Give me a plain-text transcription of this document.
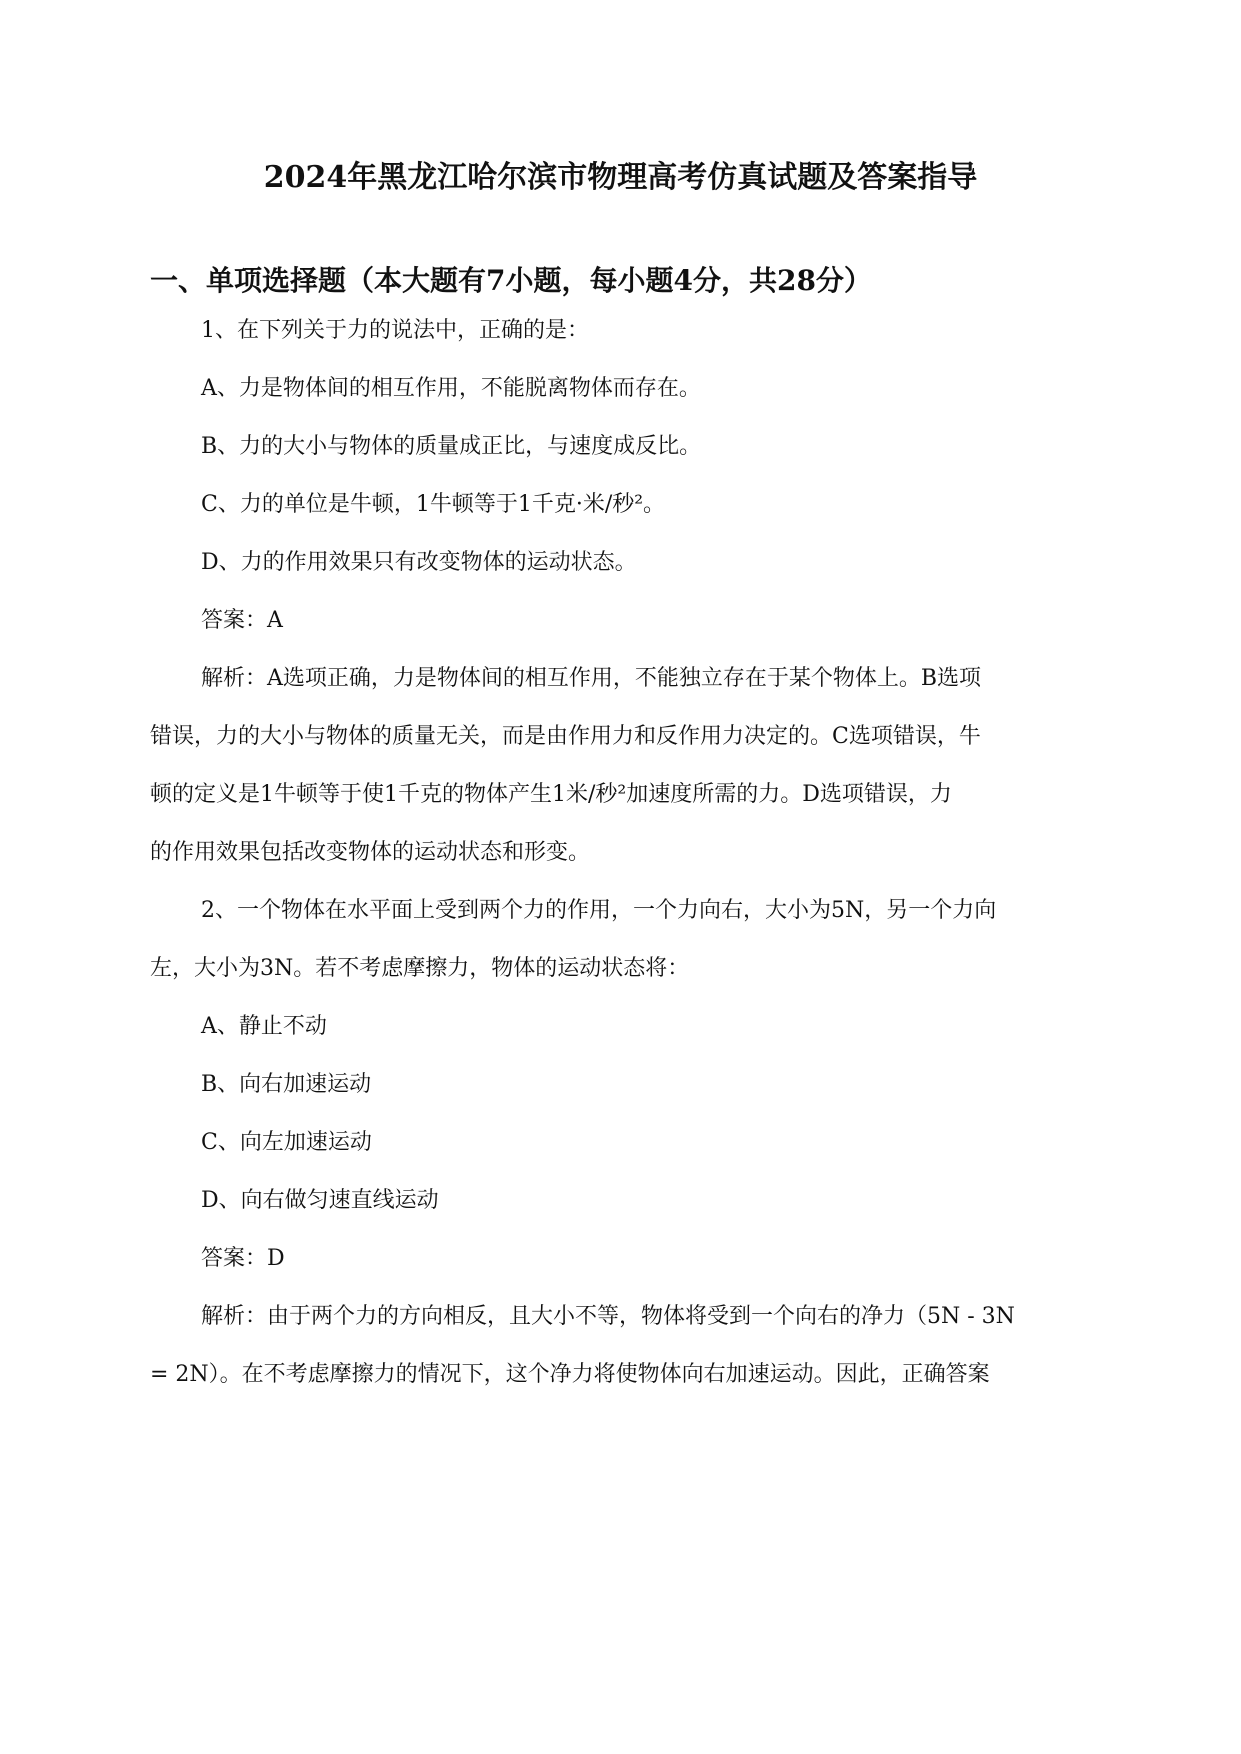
2024年黑龙江哈尔滨市物理高考仿真试题及答案指导
一、单项选择题（本大题有7小题，每小题4分，共28分）
1、在下列关于力的说法中，正确的是：
A、力是物体间的相互作用，不能脱离物体而存在。
B、力的大小与物体的质量成正比，与速度成反比。
C、力的单位是牛顿，1牛顿等于1千克·米/秒²。
D、力的作用效果只有改变物体的运动状态。
答案：A
解析：A选项正确，力是物体间的相互作用，不能独立存在于某个物体上。B选项
错误，力的大小与物体的质量无关，而是由作用力和反作用力决定的。C选项错误，牛
顿的定义是1牛顿等于使1千克的物体产生1米/秒²加速度所需的力。D选项错误，力
的作用效果包括改变物体的运动状态和形变。
2、一个物体在水平面上受到两个力的作用，一个力向右，大小为5N，另一个力向
左，大小为3N。若不考虑摩擦力，物体的运动状态将：
A、静止不动
B、向右加速运动
C、向左加速运动
D、向右做匀速直线运动
答案：D
解析：由于两个力的方向相反，且大小不等，物体将受到一个向右的净力（5N - 3N
= 2N）。在不考虑摩擦力的情况下，这个净力将使物体向右加速运动。因此，正确答案
